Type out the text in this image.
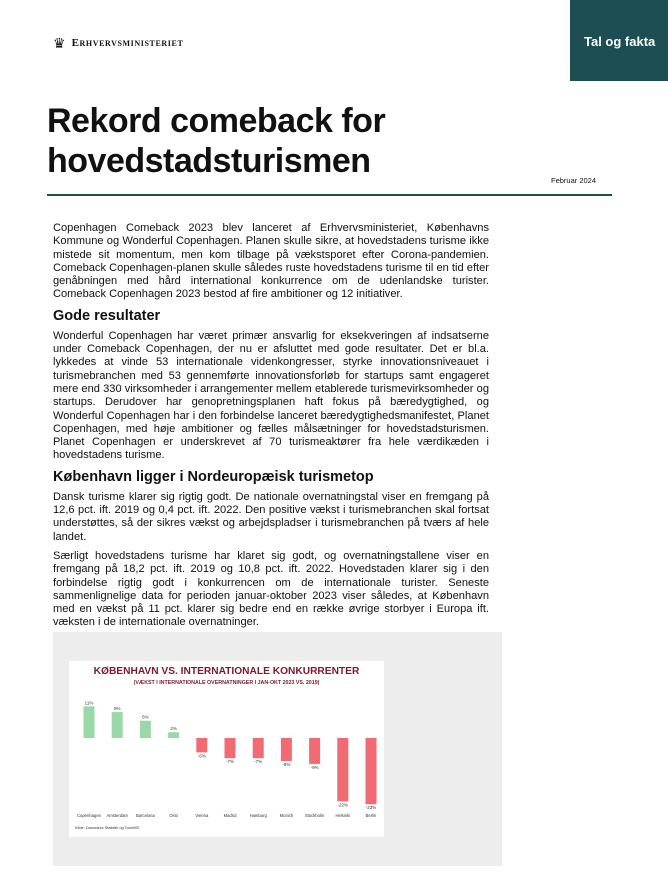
♛ Erhvervsministeriet	Tal og fakta
Rekord comeback for hovedstadsturismen
Februar 2024

Copenhagen Comeback 2023 blev lanceret af Erhvervsministeriet, Københavns Kommune og Wonderful Copenhagen. Planen skulle sikre, at hovedstadens turisme ikke mistede sit momentum, men kom tilbage på vækstsporet efter Corona-pandemien. Comeback Copenhagen-planen skulle således ruste hovedstadens turisme til en tid efter genåbningen med hård international konkurrence om de udenlandske turister. Comeback Copenhagen 2023 bestod af fire ambitioner og 12 initiativer.

Gode resultater

Wonderful Copenhagen har været primær ansvarlig for eksekveringen af indsatserne under Comeback Copenhagen, der nu er afsluttet med gode resultater. Det er bl.a. lykkedes at vinde 53 internationale videnkongresser, styrke innovationsniveauet i turismebranchen med 53 gennemførte innovationsforløb for startups samt engageret mere end 330 virksomheder i arrangementer mellem etablerede turismevirksomheder og startups. Derudover har genopretningsplanen haft fokus på bæredygtighed, og Wonderful Copenhagen har i den forbindelse lanceret bæredygtighedsmanifestet, Planet Copenhagen, med høje ambitioner og fælles målsætninger for hovedstadsturismen. Planet Copenhagen er underskrevet af 70 turismeaktører fra hele værdikæden i hovedstadens turisme.

København ligger i Nordeuropæisk turismetop

Dansk turisme klarer sig rigtig godt. De nationale overnatningstal viser en fremgang på 12,6 pct. ift. 2019 og 0,4 pct. ift. 2022. Den positive vækst i turismebranchen skal fortsat understøttes, så der sikres vækst og arbejdspladser i turismebranchen på tværs af hele landet.

Særligt hovedstadens turisme har klaret sig godt, og overnatningstallene viser en fremgang på 18,2 pct. ift. 2019 og 10,8 pct. ift. 2022. Hovedstaden klarer sig i den forbindelse rigtig godt i konkurrencen om de internationale turister. Seneste sammenlignelige data for perioden januar-oktober 2023 viser således, at København med en vækst på 11 pct. klarer sig bedre end en række øvrige storbyer i Europa ift. væksten i de internationale overnatninger.

KØBENHAVN VS. INTERNATIONALE KONKURRENTER
(VÆKST I INTERNATIONALE OVERNATNINGER I JAN-OKT 2023 VS. 2019)
11%
Copenhagen
9%
Amsterdam
6%
Barcelona
2%
Oslo
-5%
Vienna
-7%
Madrid
-7%
Hamburg
-8%
Munich
-9%
Stockholm
-22%
Helsinki
-23%
Berlin
Kilde: Danmarks Statistik og TourMIS.
